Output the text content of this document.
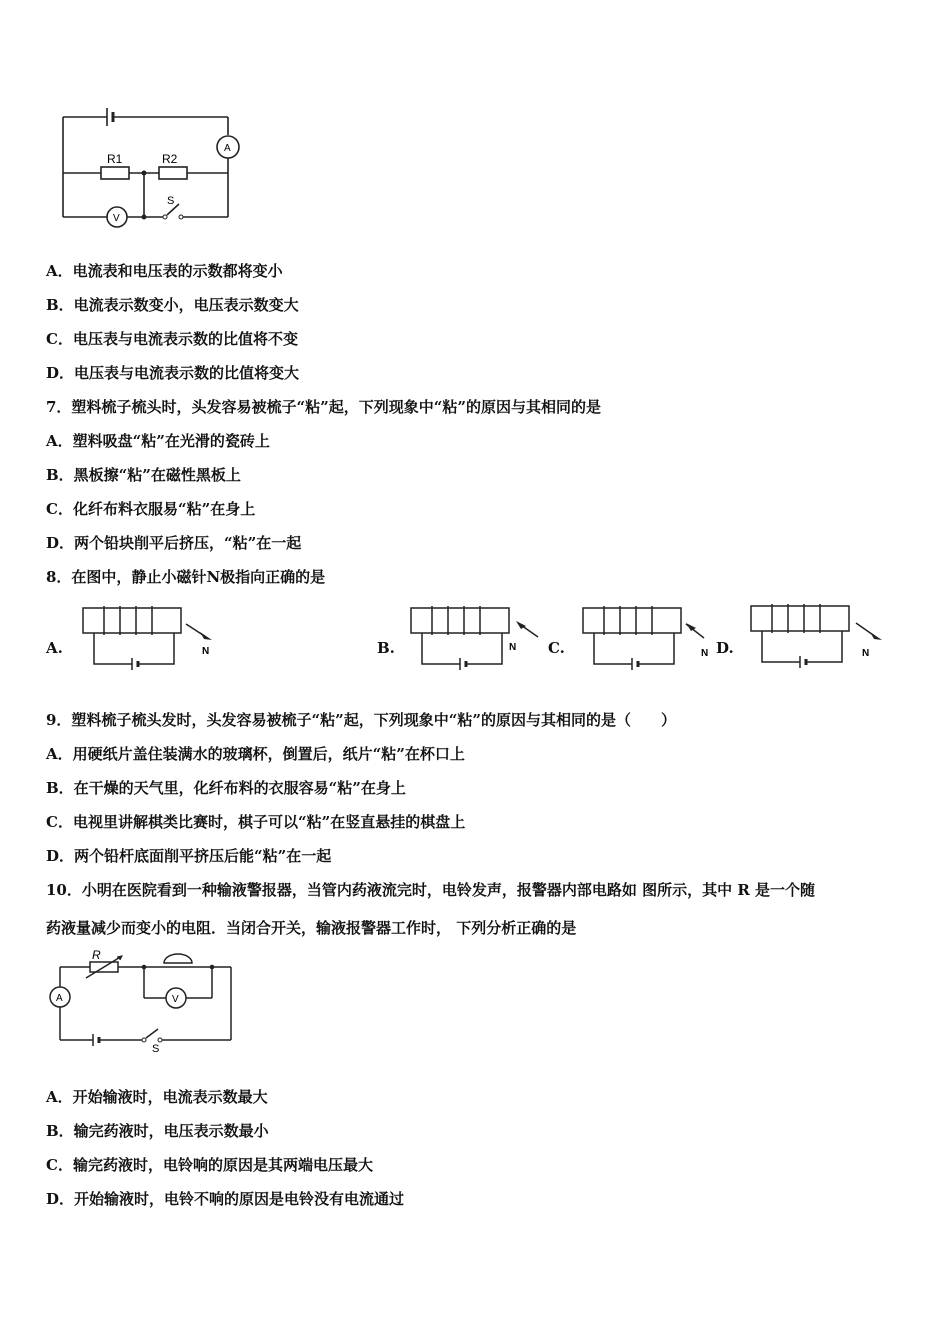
R1	R2
A
V
S
A．电流表和电压表的示数都将变小
B．电流表示数变小，电压表示数变大
C．电压表与电流表示数的比值将不变
D．电压表与电流表示数的比值将变大
7．塑料梳子梳头时，头发容易被梳子“粘”起，下列现象中“粘”的原因与其相同的是
A．塑料吸盘“粘”在光滑的瓷砖上
B．黑板擦“粘”在磁性黑板上
C．化纤布料衣服易“粘”在身上
D．两个铅块削平后挤压，“粘”在一起
8．在图中，静止小磁针N极指向正确的是
A.	B.	C.	D.
N	N
N	N
9．塑料梳子梳头发时，头发容易被梳子“粘”起，下列现象中“粘”的原因与其相同的是（　　）
A．用硬纸片盖住装满水的玻璃杯，倒置后，纸片“粘”在杯口上
B．在干燥的天气里，化纤布料的衣服容易“粘”在身上
C．电视里讲解棋类比赛时，棋子可以“粘”在竖直悬挂的棋盘上
D．两个铅杆底面削平挤压后能“粘”在一起
10．小明在医院看到一种输液警报器，当管内药液流完时，电铃发声，报警器内部电路如 图所示，其中 R 是一个随
药液量减少而变小的电阻．当闭合开关，输液报警器工作时， 下列分析正确的是
R
A	V
S
A．开始输液时，电流表示数最大
B．输完药液时，电压表示数最小
C．输完药液时，电铃响的原因是其两端电压最大
D．开始输液时，电铃不响的原因是电铃没有电流通过
